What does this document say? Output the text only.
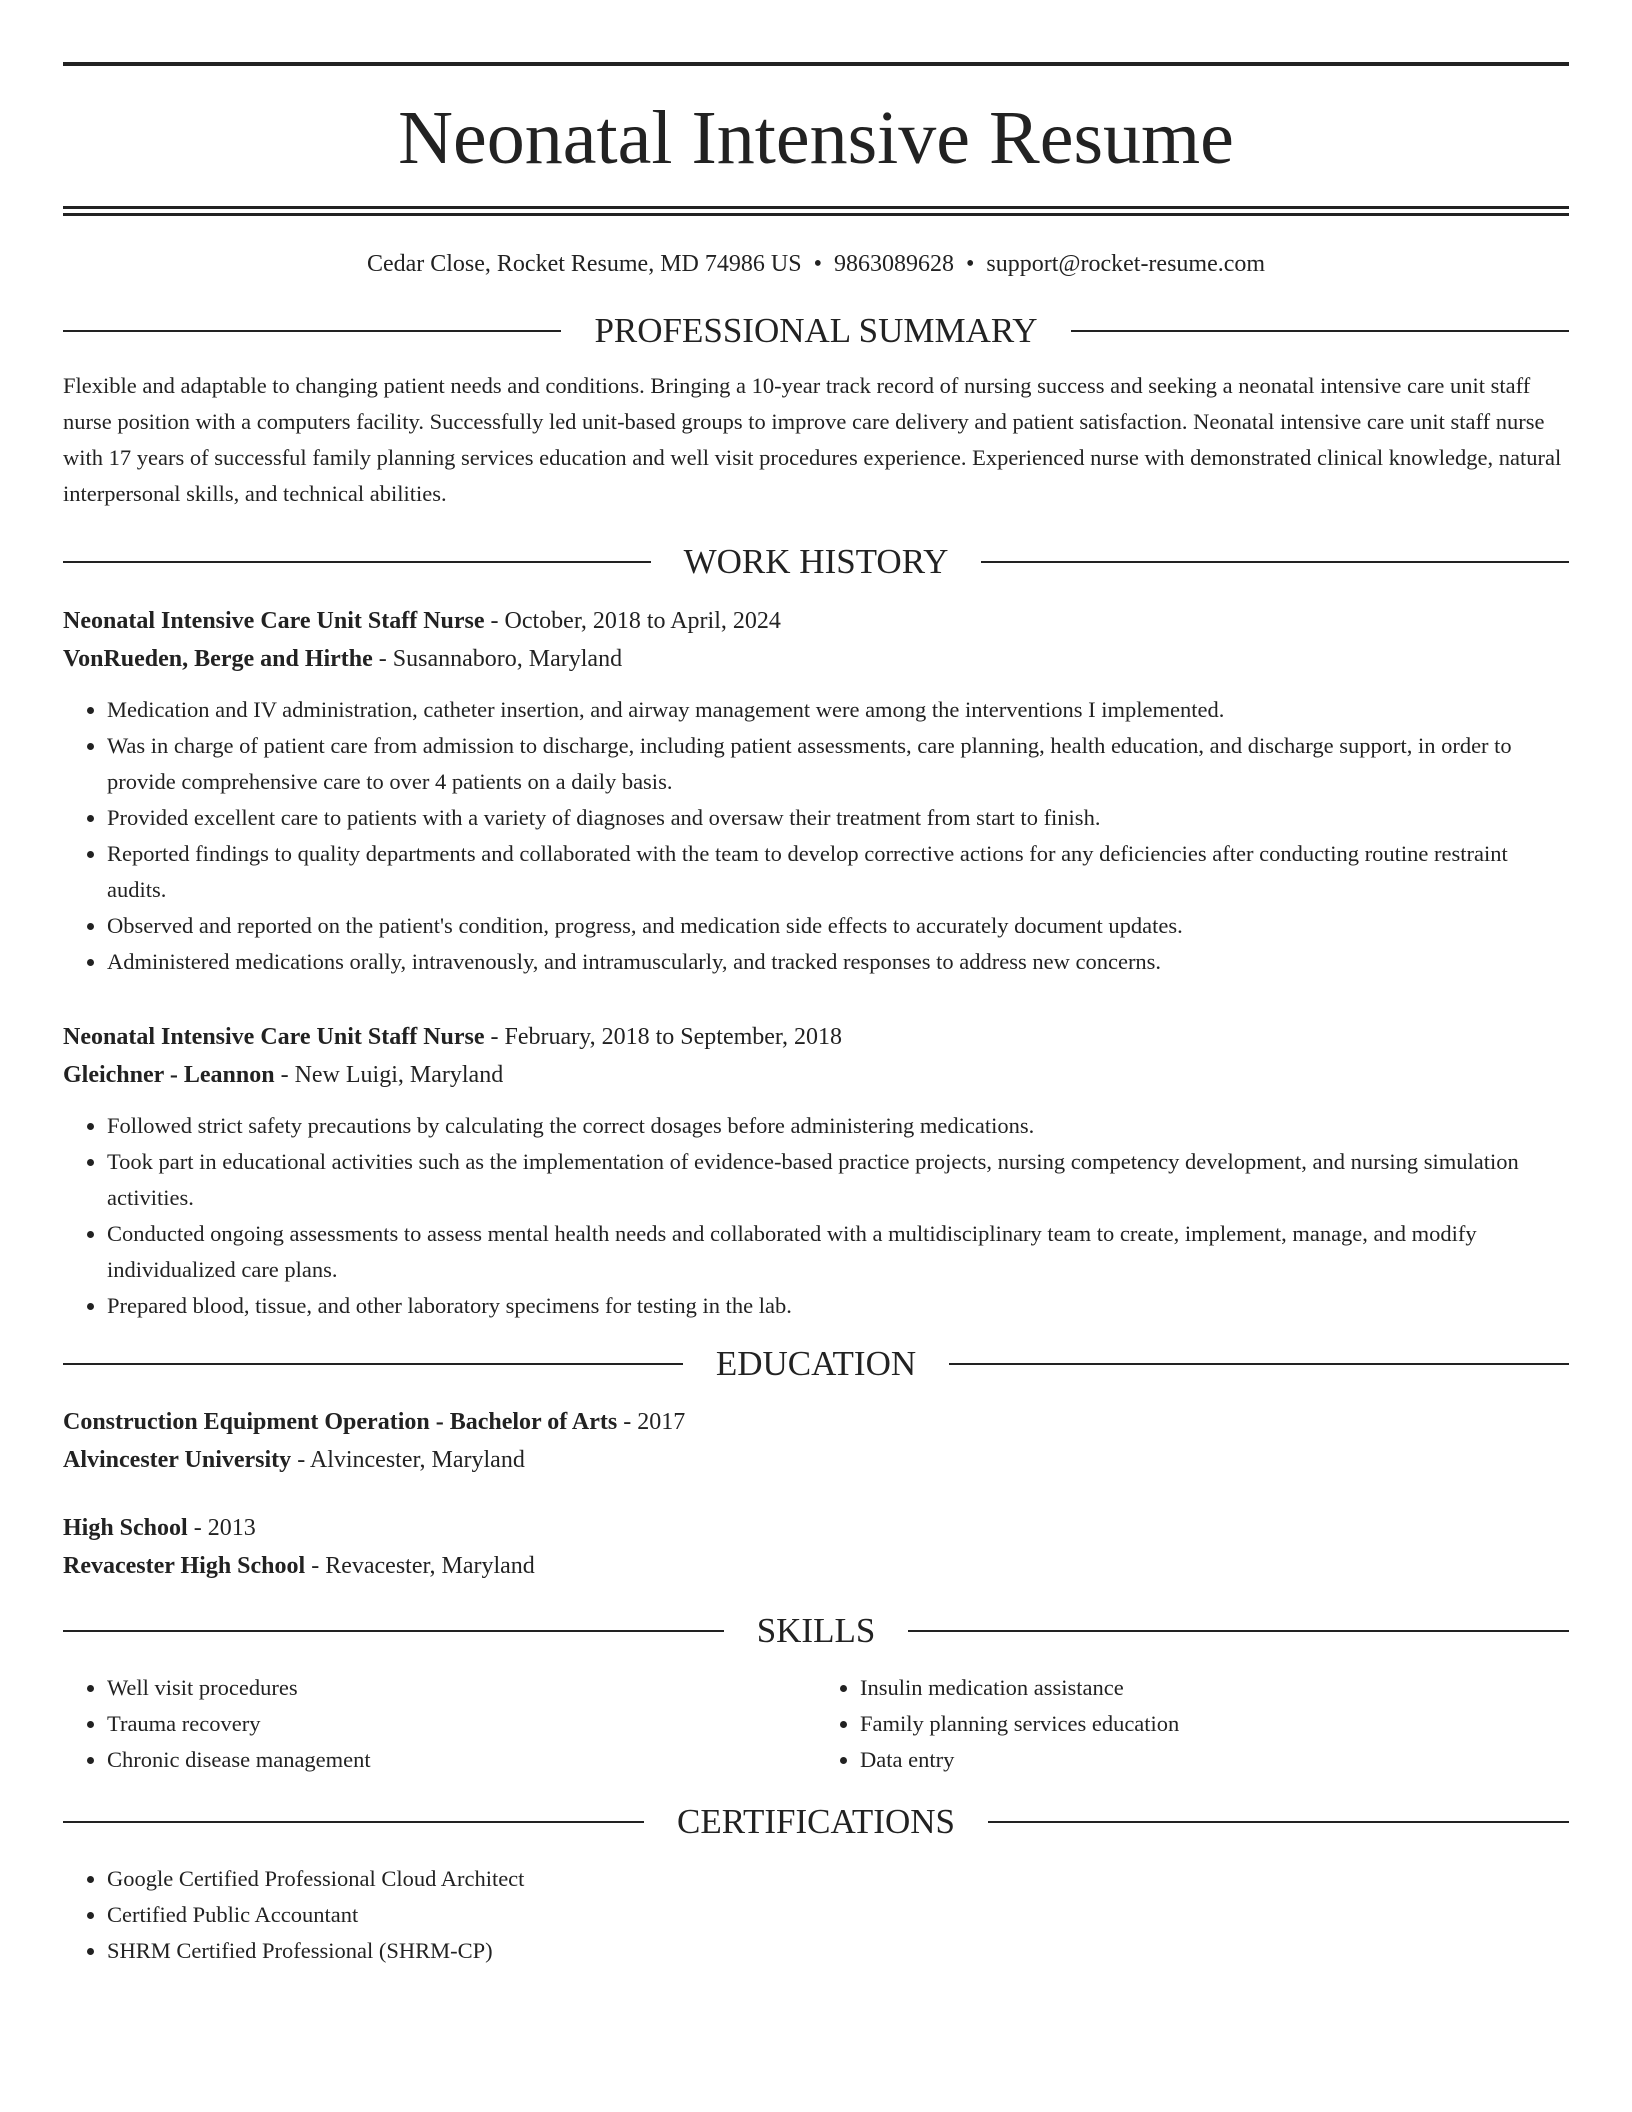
Neonatal Intensive Resume
Cedar Close, Rocket Resume, MD 74986 US • 9863089628 • support@rocket-resume.com
PROFESSIONAL SUMMARY
Flexible and adaptable to changing patient needs and conditions. Bringing a 10-year track record of nursing success and seeking a neonatal intensive care unit staff nurse position with a computers facility. Successfully led unit-based groups to improve care delivery and patient satisfaction. Neonatal intensive care unit staff nurse with 17 years of successful family planning services education and well visit procedures experience. Experienced nurse with demonstrated clinical knowledge, natural interpersonal skills, and technical abilities.
WORK HISTORY
Neonatal Intensive Care Unit Staff Nurse - October, 2018 to April, 2024
VonRueden, Berge and Hirthe - Susannaboro, Maryland
• Medication and IV administration, catheter insertion, and airway management were among the interventions I implemented.
• Was in charge of patient care from admission to discharge, including patient assessments, care planning, health education, and discharge support, in order to provide comprehensive care to over 4 patients on a daily basis.
• Provided excellent care to patients with a variety of diagnoses and oversaw their treatment from start to finish.
• Reported findings to quality departments and collaborated with the team to develop corrective actions for any deficiencies after conducting routine restraint audits.
• Observed and reported on the patient's condition, progress, and medication side effects to accurately document updates.
• Administered medications orally, intravenously, and intramuscularly, and tracked responses to address new concerns.
Neonatal Intensive Care Unit Staff Nurse - February, 2018 to September, 2018
Gleichner - Leannon - New Luigi, Maryland
• Followed strict safety precautions by calculating the correct dosages before administering medications.
• Took part in educational activities such as the implementation of evidence-based practice projects, nursing competency development, and nursing simulation activities.
• Conducted ongoing assessments to assess mental health needs and collaborated with a multidisciplinary team to create, implement, manage, and modify individualized care plans.
• Prepared blood, tissue, and other laboratory specimens for testing in the lab.
EDUCATION
Construction Equipment Operation - Bachelor of Arts - 2017
Alvincester University - Alvincester, Maryland
High School - 2013
Revacester High School - Revacester, Maryland
SKILLS
• Well visit procedures
• Trauma recovery
• Chronic disease management
• Insulin medication assistance
• Family planning services education
• Data entry
CERTIFICATIONS
• Google Certified Professional Cloud Architect
• Certified Public Accountant
• SHRM Certified Professional (SHRM-CP)
